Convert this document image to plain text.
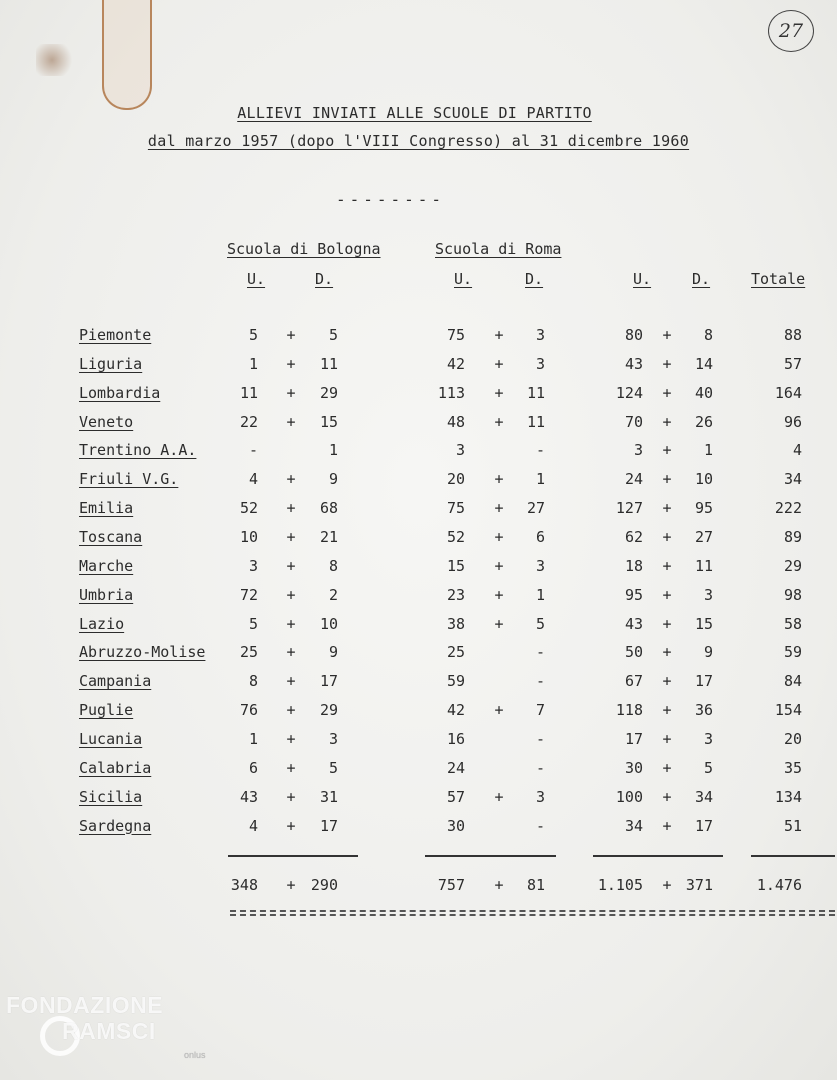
27
ALLIEVI INVIATI ALLE SCUOLE DI PARTITO
dal marzo 1957 (dopo l'VIII Congresso) al 31 dicembre 1960
--------
Scuola di Bologna	Scuola di Roma
U.	D.	U.	D.	U.	D.	Totale
Piemonte	5 +	5	75 +	3	80 +	8	88
Liguria	1 +	11	42 +	3	43 +	14	57
Lombardia	11 +	29	113 +	11	124 +	40	164
Veneto	22 +	15	48 +	11	70 +	26	96
Trentino A.A.	-	1	3	-	3 +	1	4
Friuli V.G.	4 +	9	20 +	1	24 +	10	34
Emilia	52 +	68	75 +	27	127 +	95	222
Toscana	10 +	21	52 +	6	62 +	27	89
Marche	3 +	8	15 +	3	18 +	11	29
Umbria	72 +	2	23 +	1	95 +	3	98
Lazio	5 +	10	38 +	5	43 +	15	58
Abruzzo-Molise	25 +	9	25	-	50 +	9	59
Campania	8 +	17	59	-	67 +	17	84
Puglie	76 +	29	42 +	7	118 +	36	154
Lucania	1 +	3	16	-	17 +	3	20
Calabria	6 +	5	24	-	30 +	5	35
Sicilia	43 +	31	57 +	3	100 +	34	134
Sardegna	4 +	17	30	-	34 +	17	51
348 +	290	757 +	81	1.105 + 371	1.476
FONDAZIONE
RAMSCI
onlus
